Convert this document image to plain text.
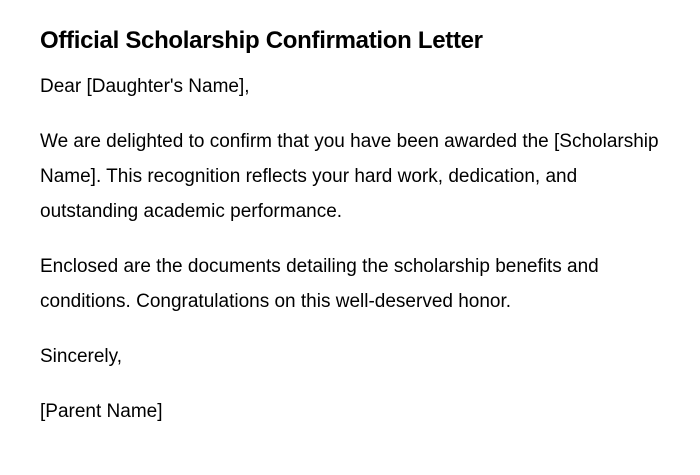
Official Scholarship Confirmation Letter

Dear [Daughter's Name],

We are delighted to confirm that you have been awarded the [Scholarship Name]. This recognition reflects your hard work, dedication, and outstanding academic performance.

Enclosed are the documents detailing the scholarship benefits and conditions. Congratulations on this well-deserved honor.

Sincerely,

[Parent Name]
